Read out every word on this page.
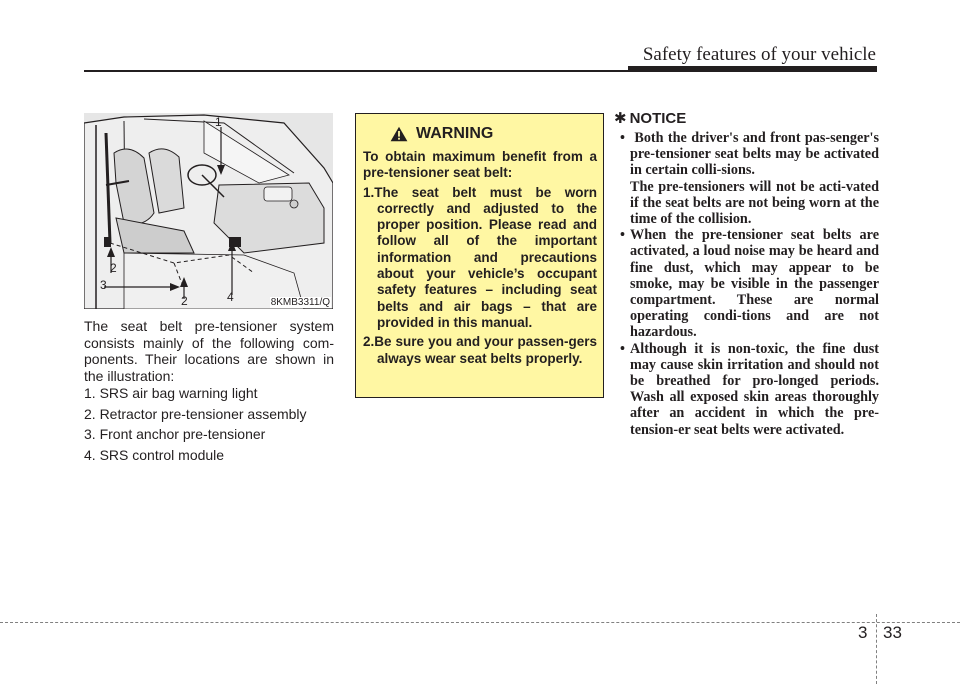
Safety features of your vehicle
1
2
3
2	4	8KMB3311/Q

The seat belt pre-tensioner system consists mainly of the following com-ponents. Their locations are shown in the illustration:

1. SRS air bag warning light
2. Retractor pre-tensioner assembly
3. Front anchor pre-tensioner
4. SRS control module
WARNING

To obtain maximum benefit from a pre-tensioner seat belt:

1.The seat belt must be worn correctly and adjusted to the proper position. Please read and follow all of the important information and precautions about your vehicle’s occupant safety features – including seat belts and air bags – that are provided in this manual.
2.Be sure you and your passen-gers always wear seat belts properly.
✱ NOTICE
• Both the driver's and front pas-senger's pre-tensioner seat belts may be activated in certain colli-sions.
The pre-tensioners will not be acti-vated if the seat belts are not being worn at the time of the collision.
• When the pre-tensioner seat belts are activated, a loud noise may be heard and fine dust, which may appear to be smoke, may be visible in the passenger compartment. These are normal operating condi-tions and are not hazardous.
• Although it is non-toxic, the fine dust may cause skin irritation and should not be breathed for pro-longed periods. Wash all exposed skin areas thoroughly after an accident in which the pre-tension-er seat belts were activated.
3 33
